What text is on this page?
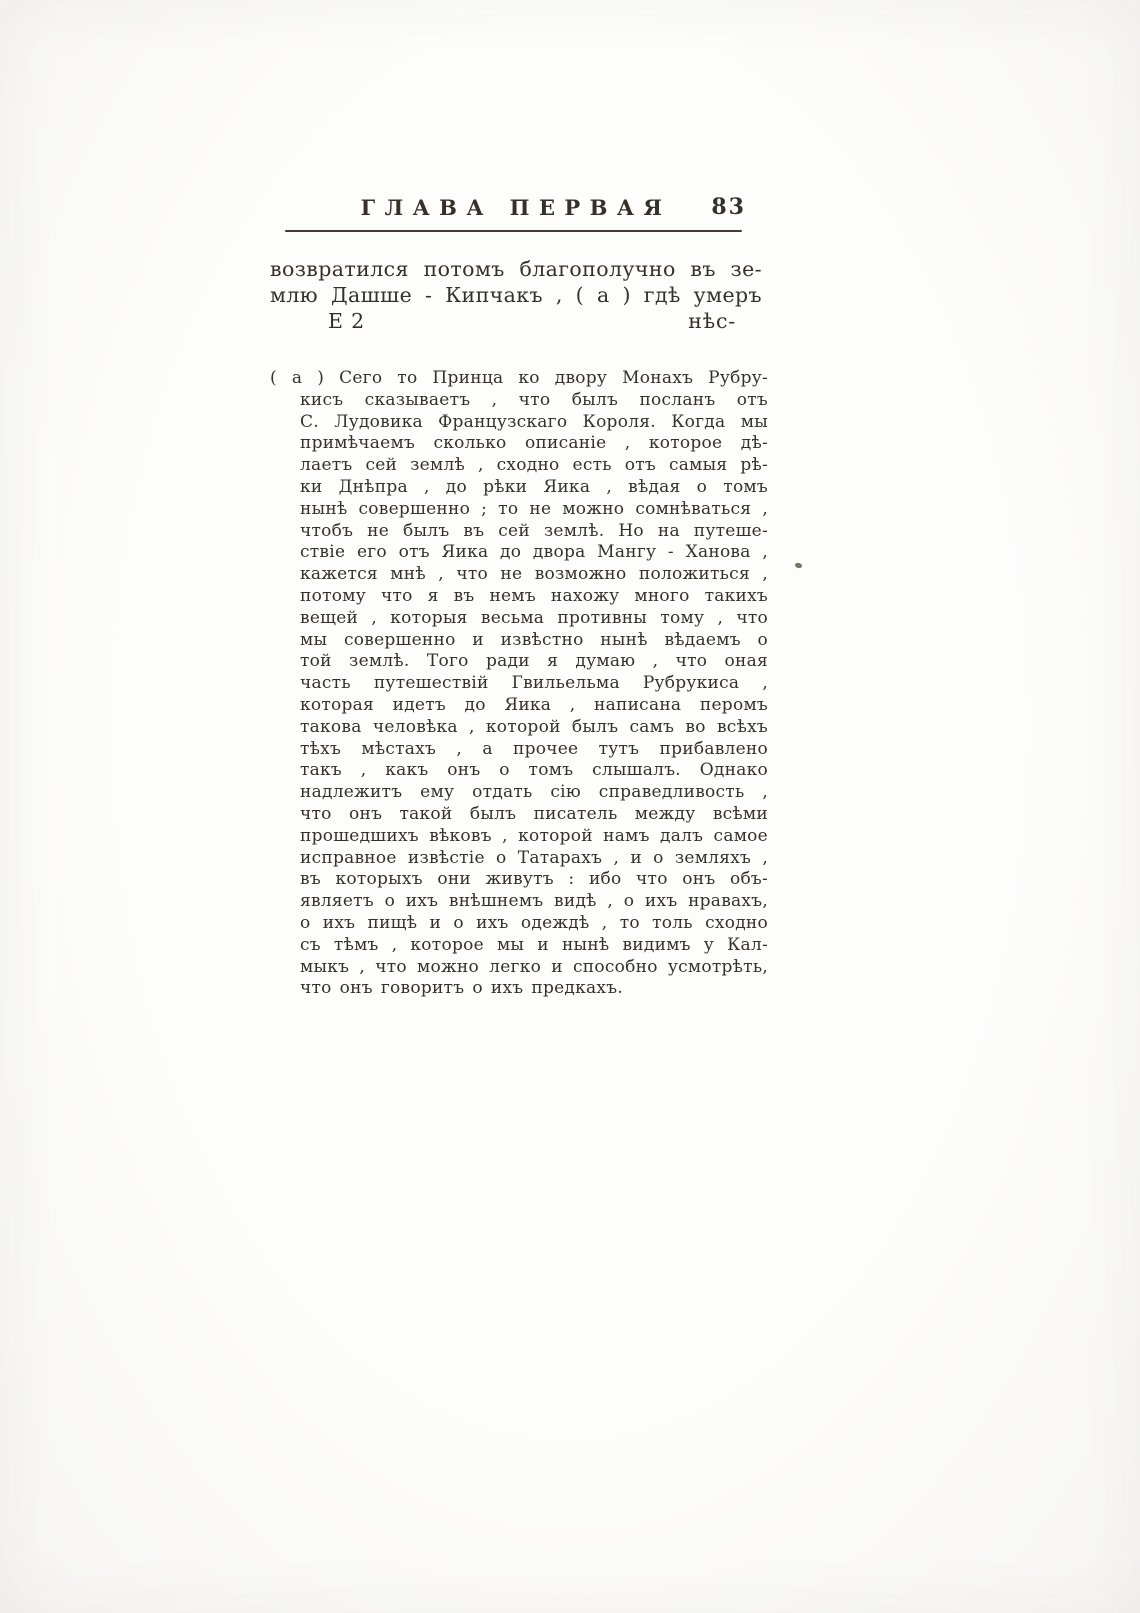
ГЛАВА ПЕРВАЯ	83
возвратился потомъ благополучно въ зе-
млю Дашше - Кипчакъ , ( а ) гдѣ умеръ
Е 2	нѣс-
( а ) Сего то Принца ко двору Монахъ Рубру-
кисъ сказываетъ , что былъ посланъ отъ
С. Лудовика Французскаго Короля. Когда мы
примѣчаемъ сколько описаніе , которое дѣ-
лаетъ сей землѣ , сходно есть отъ самыя рѣ-
ки Днѣпра , до рѣки Яика , вѣдая о томъ
нынѣ совершенно ; то не можно сомнѣваться ,
чтобъ не былъ въ сей землѣ. Но на путеше-
ствіе его отъ Яика до двора Мангу - Ханова ,
кажется мнѣ , что не возможно положиться ,
потому что я въ немъ нахожу много такихъ
вещей , которыя весьма противны тому , что
мы совершенно и извѣстно нынѣ вѣдаемъ о
той землѣ. Того ради я думаю , что оная
часть путешествій Гвильельма Рубрукиса ,
которая идетъ до Яика , написана перомъ
такова человѣка , которой былъ самъ во всѣхъ
тѣхъ мѣстахъ , а прочее тутъ прибавлено
такъ , какъ онъ о томъ слышалъ. Однако
надлежитъ ему отдать сію справедливость ,
что онъ такой былъ писатель между всѣми
прошедшихъ вѣковъ , которой намъ далъ самое
исправное извѣстіе о Татарахъ , и о земляхъ ,
въ которыхъ они живутъ : ибо что онъ объ-
являетъ о ихъ внѣшнемъ видѣ , о ихъ нравахъ,
о ихъ пищѣ и о ихъ одеждѣ , то толь сходно
съ тѣмъ , которое мы и нынѣ видимъ у Кал-
мыкъ , что можно легко и способно усмотрѣть,
что онъ говоритъ о ихъ предкахъ.
